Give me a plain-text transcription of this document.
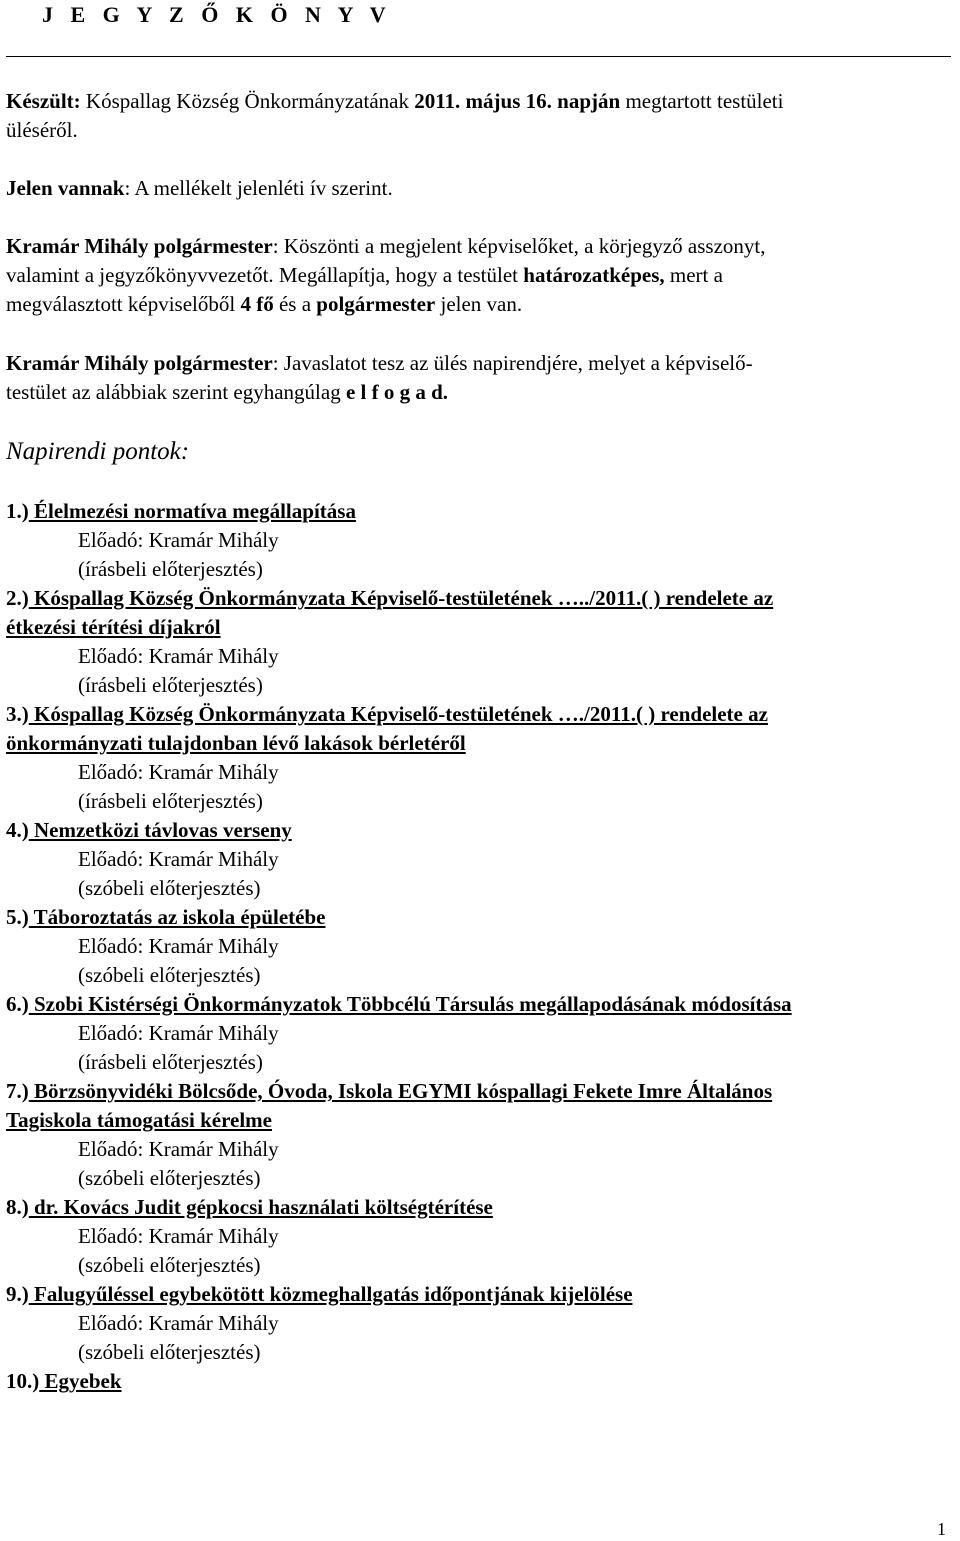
J E G Y Z Ő K Ö N Y V
Készült: Kóspallag Község Önkormányzatának 2011. május 16. napján megtartott testületi
üléséről.
Jelen vannak: A mellékelt jelenléti ív szerint.
Kramár Mihály polgármester: Köszönti a megjelent képviselőket, a körjegyző asszonyt,
valamint a jegyzőkönyvvezetőt. Megállapítja, hogy a testület határozatképes, mert a
megválasztott képviselőből 4 fő és a polgármester jelen van.
Kramár Mihály polgármester: Javaslatot tesz az ülés napirendjére, melyet a képviselő-
testület az alábbiak szerint egyhangúlag e l f o g a d.
Napirendi pontok:
1.) Élelmezési normatíva megállapítása
Előadó: Kramár Mihály
(írásbeli előterjesztés)
2.) Kóspallag Község Önkormányzata Képviselő-testületének …../2011.( ) rendelete az
étkezési térítési díjakról
Előadó: Kramár Mihály
(írásbeli előterjesztés)
3.) Kóspallag Község Önkormányzata Képviselő-testületének …./2011.( ) rendelete az
önkormányzati tulajdonban lévő lakások bérletéről
Előadó: Kramár Mihály
(írásbeli előterjesztés)
4.) Nemzetközi távlovas verseny
Előadó: Kramár Mihály
(szóbeli előterjesztés)
5.) Táboroztatás az iskola épületébe
Előadó: Kramár Mihály
(szóbeli előterjesztés)
6.) Szobi Kistérségi Önkormányzatok Többcélú Társulás megállapodásának módosítása
Előadó: Kramár Mihály
(írásbeli előterjesztés)
7.) Börzsönyvidéki Bölcsőde, Óvoda, Iskola EGYMI kóspallagi Fekete Imre Általános
Tagiskola támogatási kérelme
Előadó: Kramár Mihály
(szóbeli előterjesztés)
8.) dr. Kovács Judit gépkocsi használati költségtérítése
Előadó: Kramár Mihály
(szóbeli előterjesztés)
9.) Falugyűléssel egybekötött közmeghallgatás időpontjának kijelölése
Előadó: Kramár Mihály
(szóbeli előterjesztés)
10.) Egyebek
1
